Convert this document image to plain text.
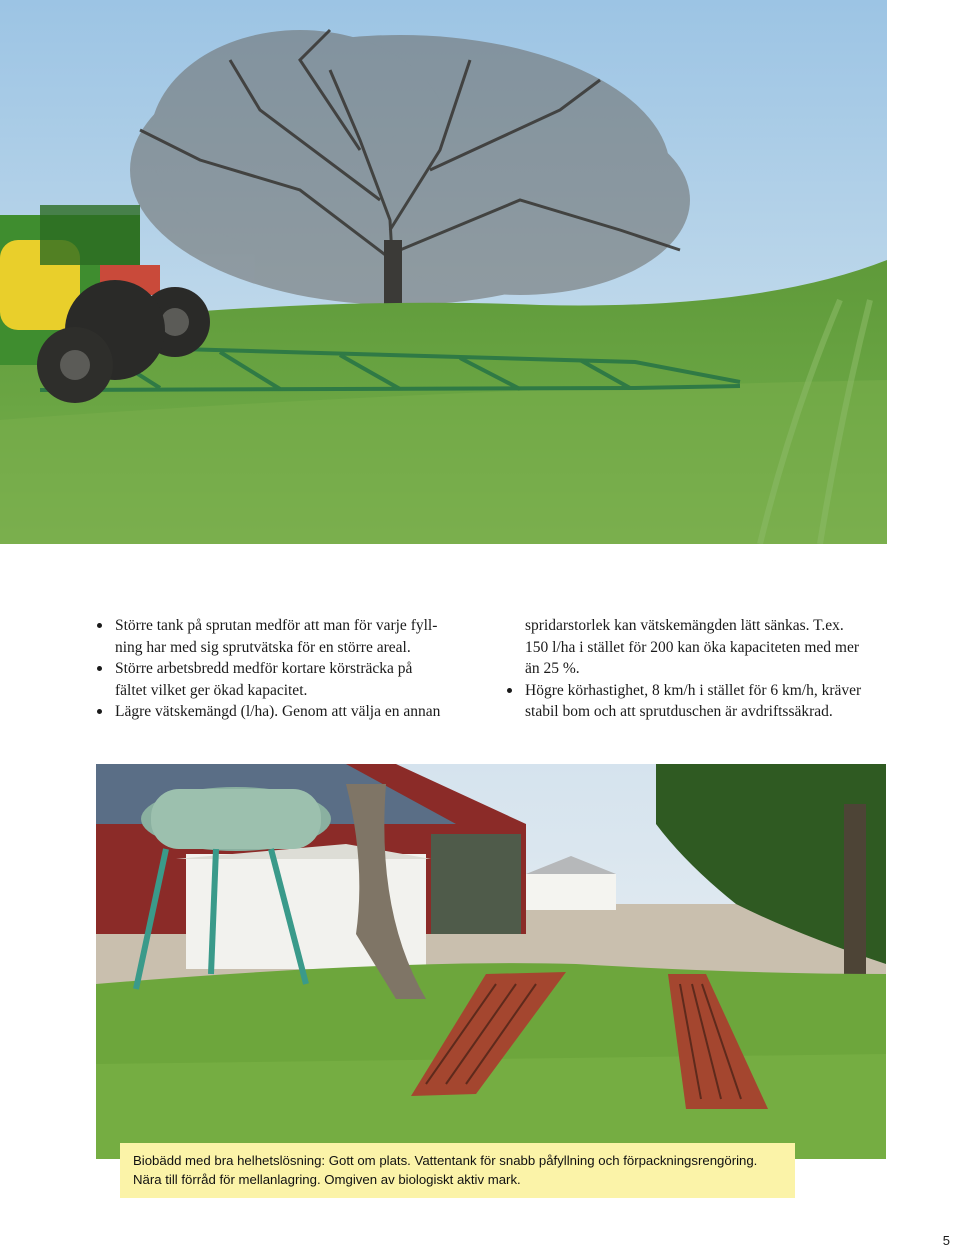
Större tank på sprutan medför att man för varje fyll-
ning har med sig sprutvätska för en större areal.
Större arbetsbredd medför kortare körsträcka på
fältet vilket ger ökad kapacitet.
Lägre vätskemängd (l/ha). Genom att välja en annan
spridarstorlek kan vätskemängden lätt sänkas. T.ex.
150 l/ha i stället för 200 kan öka kapaciteten med mer
än 25 %.
Högre körhastighet, 8 km/h i stället för 6 km/h, kräver
stabil bom och att sprutduschen är avdriftssäkrad.
Biobädd med bra helhetslösning: Gott om plats. Vattentank för snabb påfyllning och förpackningsrengöring.
Nära till förråd för mellanlagring. Omgiven av biologiskt aktiv mark.
5
